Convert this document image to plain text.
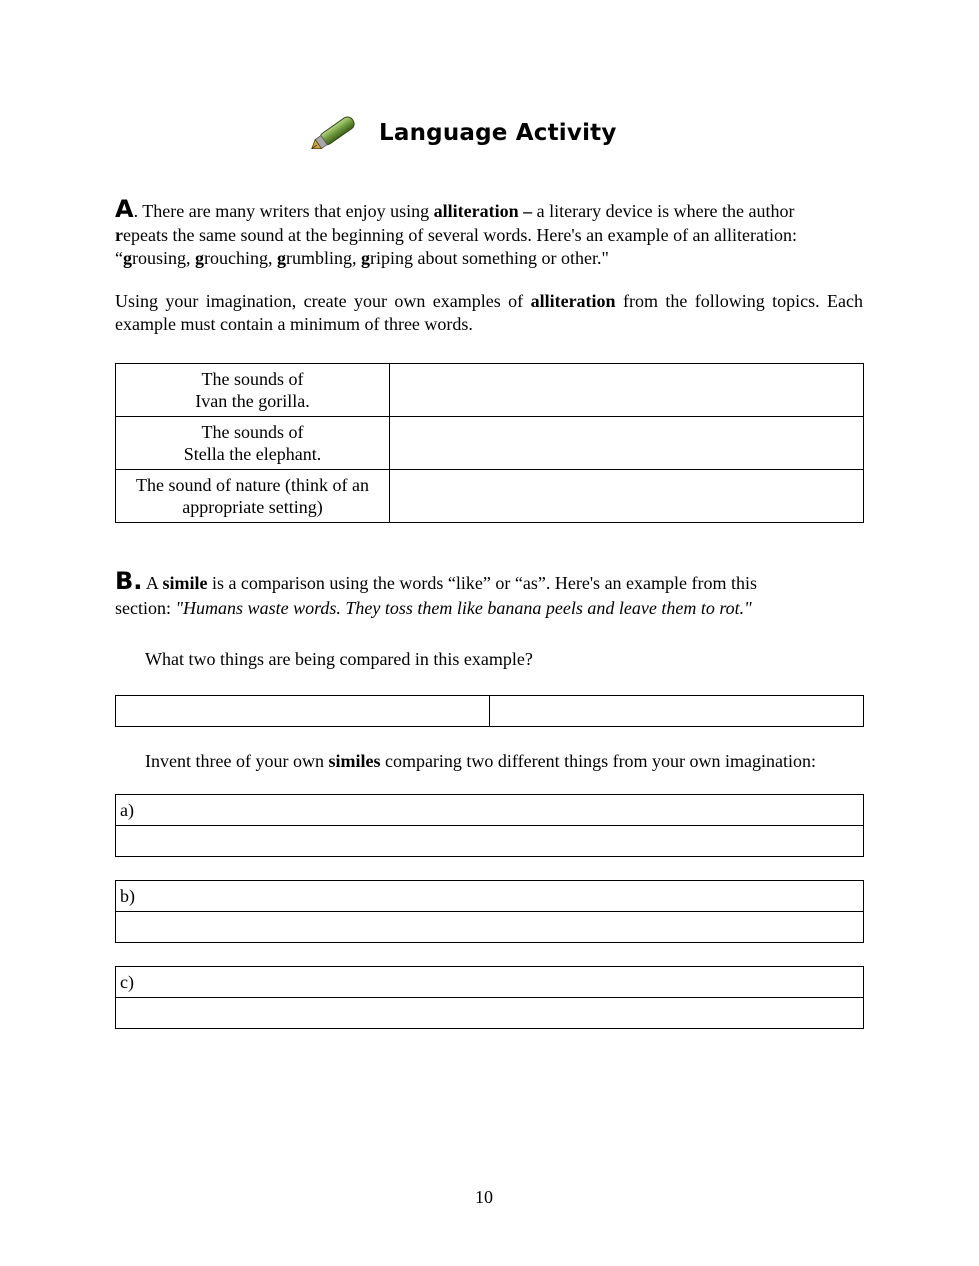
Language Activity
A. There are many writers that enjoy using alliteration – a literary device is where the author
repeats the same sound at the beginning of several words. Here's an example of an alliteration:
“grousing, grouching, grumbling, griping about something or other."
Using your imagination, create your own examples of alliteration from the following topics. Each example must contain a minimum of three words.
The sounds of
Ivan the gorilla.	

The sounds of
Stella the elephant.	

The sound of nature (think of an
appropriate setting)	

B. A simile is a comparison using the words “like” or “as”. Here's an example from this
section: "Humans waste words. They toss them like banana peels and leave them to rot."
What two things are being compared in this example?

Invent three of your own similes comparing two different things from your own imagination:
a)

b)

c)

10
